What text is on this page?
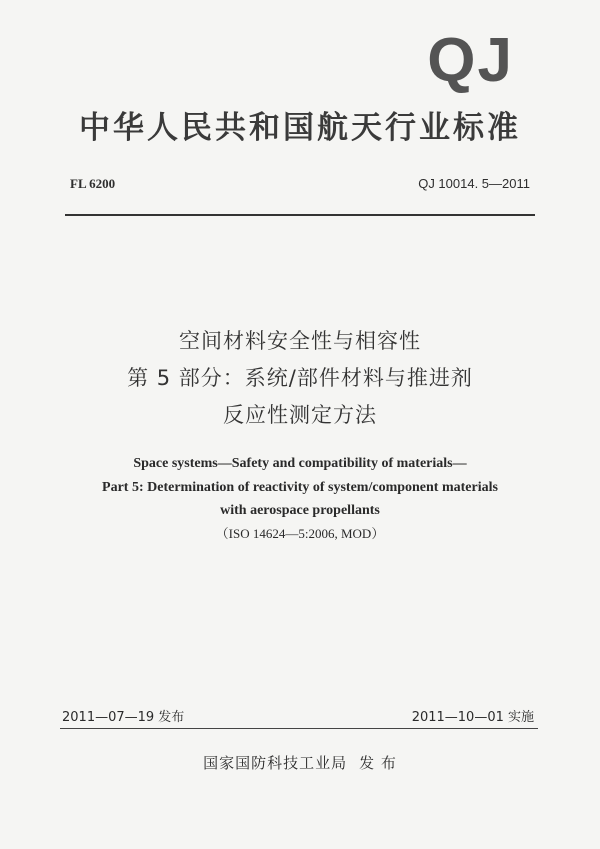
QJ
中华人民共和国航天行业标准
FL 6200	QJ 10014. 5—2011
空间材料安全性与相容性
第 5 部分：系统/部件材料与推进剂
反应性测定方法
Space systems—Safety and compatibility of materials—
Part 5: Determination of reactivity of system/component materials
with aerospace propellants
（ISO 14624—5:2006, MOD）
2011—07—19 发布	2011—10—01 实施
国家国防科技工业局 发 布
